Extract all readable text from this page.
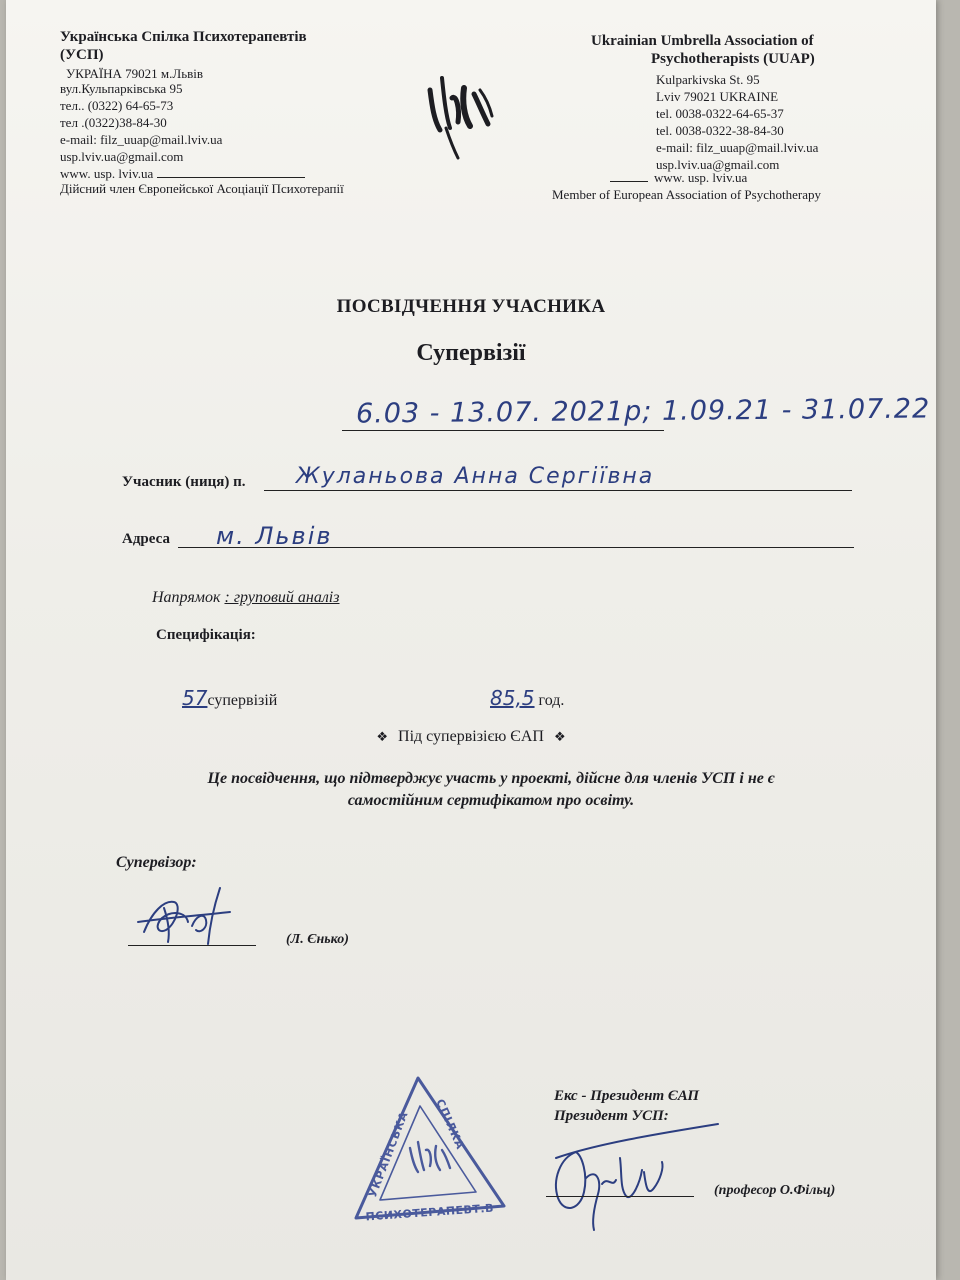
Українська Спілка Психотерапевтів
(УСП)
УКРАЇНА 79021 м.Львів
вул.Кульпарківська 95
тел.. (0322) 64-65-73
тел .(0322)38-84-30
e-mail: filz_uuap@mail.lviv.ua
usp.lviv.ua@gmail.com
www. usp. lviv.ua
Дійсний член Європейської Асоціації Психотерапії
Ukrainian Umbrella Association of
Psychotherapists (UUAP)
Kulparkivska St. 95
Lviv 79021 UKRAINE
tel. 0038-0322-64-65-37
tel. 0038-0322-38-84-30
e-mail: filz_uuap@mail.lviv.ua
usp.lviv.ua@gmail.com
www. usp. lviv.ua
Member of European Association of Psychotherapy
ПОСВІДЧЕННЯ УЧАСНИКА
Супервізії
6.03 - 13.07. 2021р; 1.09.21 - 31.07.22
Учасник (ниця) п. Жуланьова Анна Сергіївна
Адреса м. Львів
Напрямок : груповий аналіз
Специфікація:
57супервізій	85,5 год.
❖ Під супервізією ЄАП ❖
Це посвідчення, що підтверджує участь у проекті, дійсне для членів УСП і не є
самостійним сертифікатом про освіту.
Супервізор:
(Л. Єнько)
Екс - Президент ЄАП
Президент УСП:
(професор О.Фільц)
УКРАЇНСЬКА
СПІЛКА
ПСИХОТЕРАПЕВТ.В
